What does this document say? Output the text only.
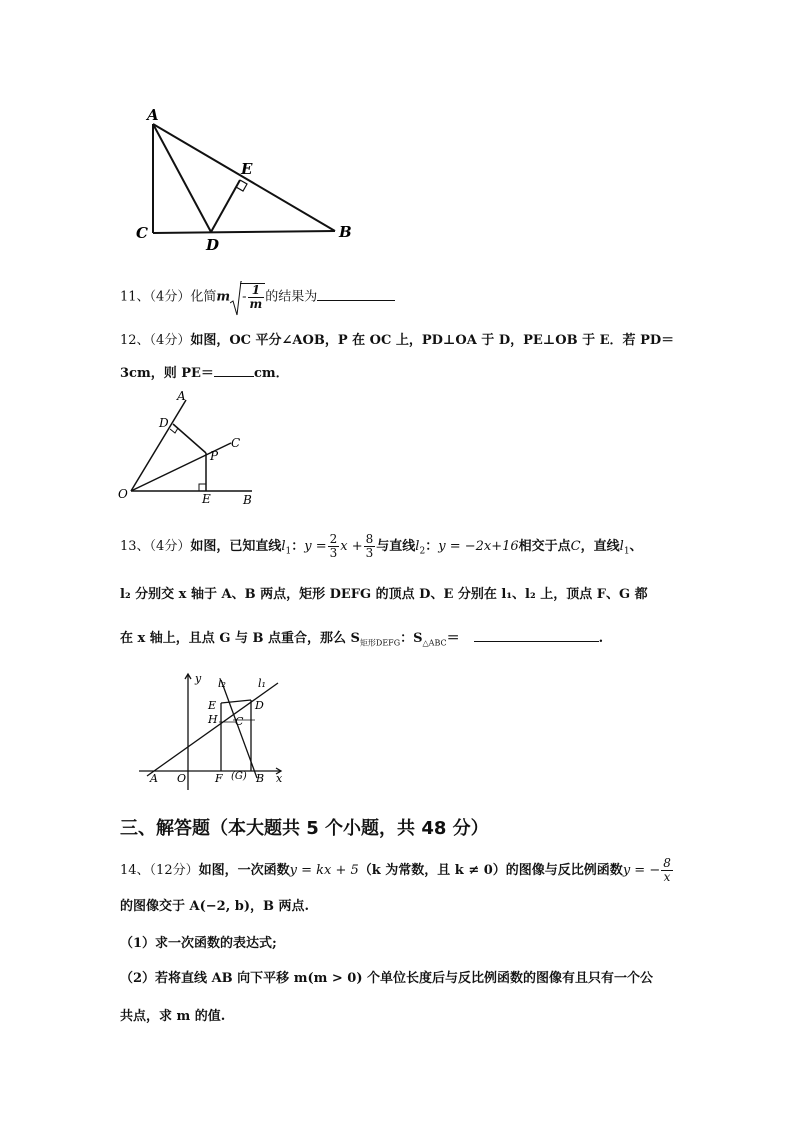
A
C
D
E
B
11、（4分）化简m - $\frac{1}{m}$ 的结果为
12、（4分）如图，OC 平分∠AOB，P 在 OC 上，PD⊥OA 于 D，PE⊥OB 于 E．若 PD＝
3cm，则 PE＝	cm．
A
D
C
P
O	E	B
13、（4分）如图，已知直线$l_1$：$y = \frac{2}{3}$ $x + \frac{8}{3}$ 与直线$l_2$：y = −2x+16相交于点C，直线$l_1$、
l₂ 分别交 x 轴于 A、B 两点，矩形 DEFG 的顶点 D、E 分别在 l₁、l₂ 上，顶点 F、G 都
在 x 轴上，且点 G 与 B 点重合，那么 $S_{矩形DEFG}$：$S_{\triangle ABC}=$	.
y l₂	l₁
E	D
H C
A O	F (G) B x
三、解答题（本大题共 5 个小题，共 48 分）
14、（12分）如图，一次函数y = kx + 5（k 为常数，且 k ≠ 0）的图像与反比例函数y = − $\frac{8}{x}$
的图像交于 A(−2, b)，B 两点.
（1）求一次函数的表达式;
（2）若将直线 AB 向下平移 m(m > 0) 个单位长度后与反比例函数的图像有且只有一个公
共点，求 m 的值.
